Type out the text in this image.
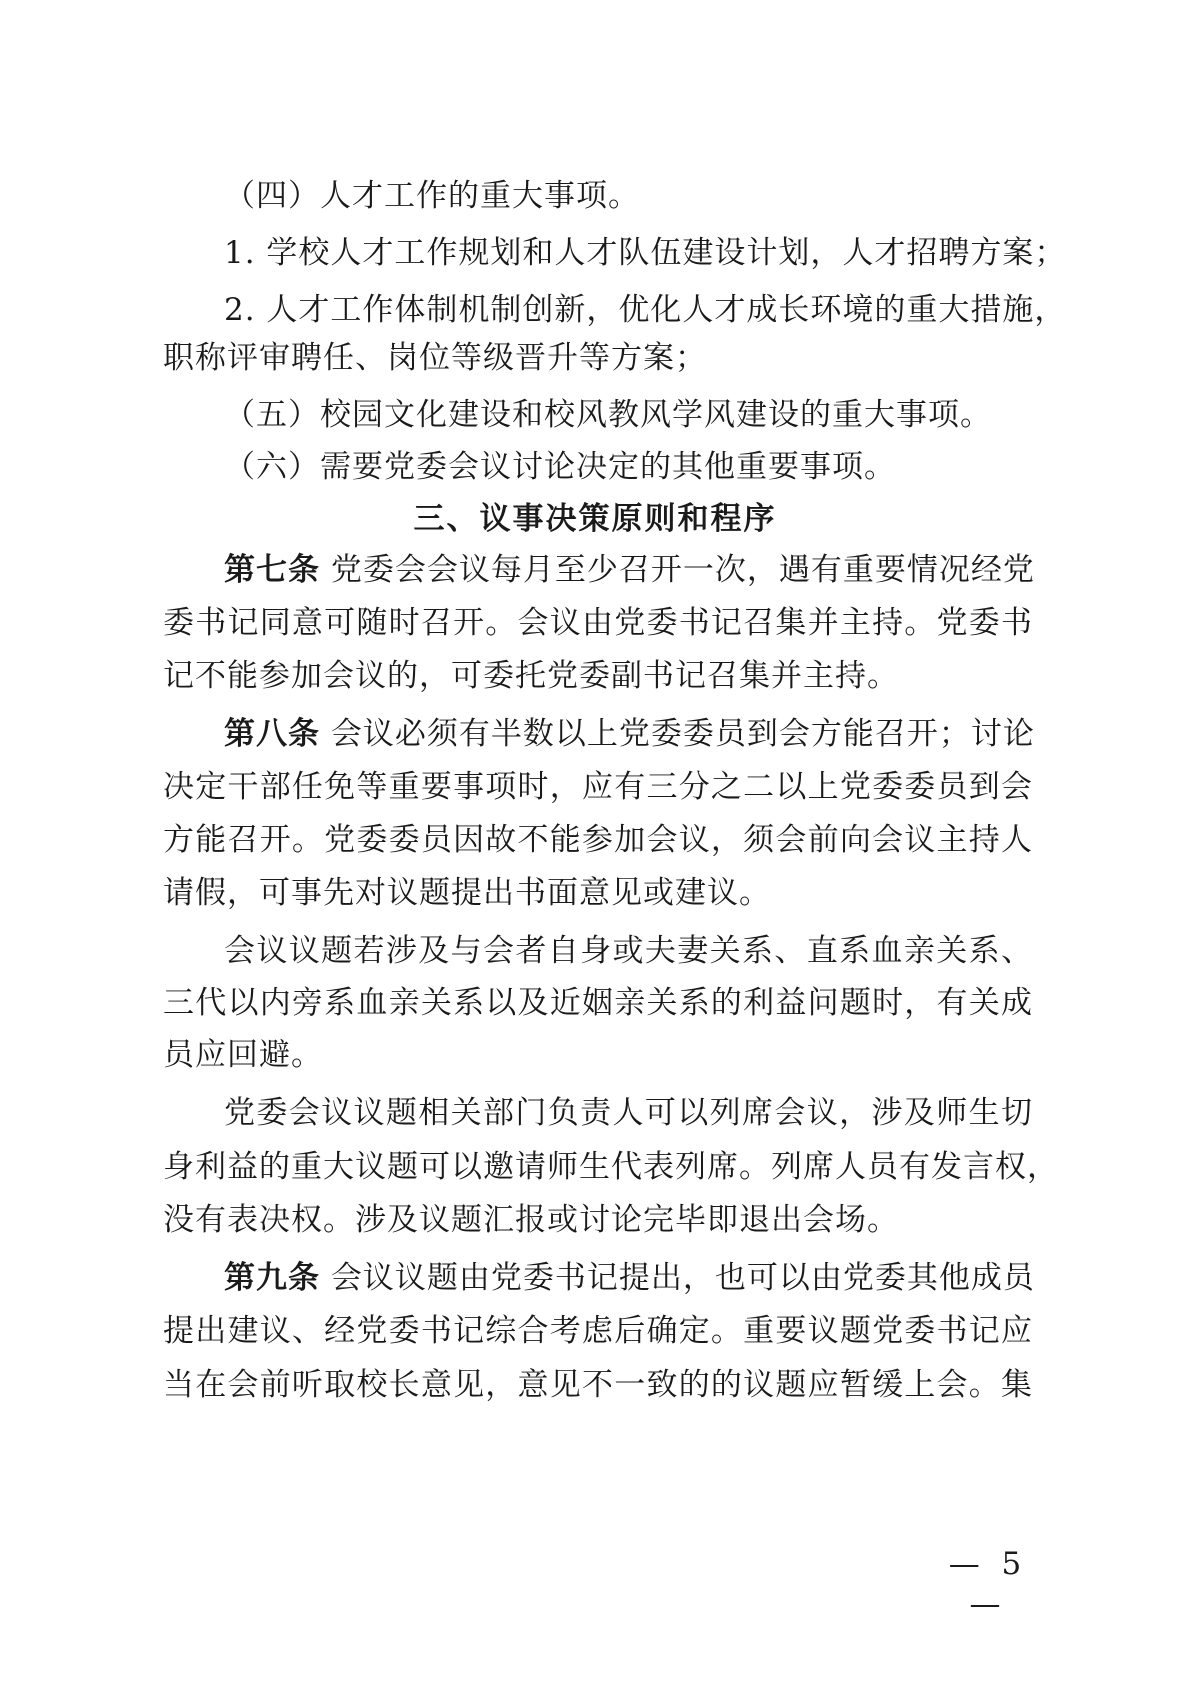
（四）人才工作的重大事项。
1. 学校人才工作规划和人才队伍建设计划，人才招聘方案；
2. 人才工作体制机制创新，优化人才成长环境的重大措施，
职称评审聘任、岗位等级晋升等方案；
（五）校园文化建设和校风教风学风建设的重大事项。
（六）需要党委会议讨论决定的其他重要事项。
三、议事决策原则和程序
第七条 党委会会议每月至少召开一次，遇有重要情况经党
委书记同意可随时召开。会议由党委书记召集并主持。党委书
记不能参加会议的，可委托党委副书记召集并主持。
第八条 会议必须有半数以上党委委员到会方能召开；讨论
决定干部任免等重要事项时，应有三分之二以上党委委员到会
方能召开。党委委员因故不能参加会议，须会前向会议主持人
请假，可事先对议题提出书面意见或建议。
会议议题若涉及与会者自身或夫妻关系、直系血亲关系、
三代以内旁系血亲关系以及近姻亲关系的利益问题时，有关成
员应回避。
党委会议议题相关部门负责人可以列席会议，涉及师生切
身利益的重大议题可以邀请师生代表列席。列席人员有发言权，
没有表决权。涉及议题汇报或讨论完毕即退出会场。
第九条 会议议题由党委书记提出，也可以由党委其他成员
提出建议、经党委书记综合考虑后确定。重要议题党委书记应
当在会前听取校长意见，意见不一致的的议题应暂缓上会。集
— 5 —
